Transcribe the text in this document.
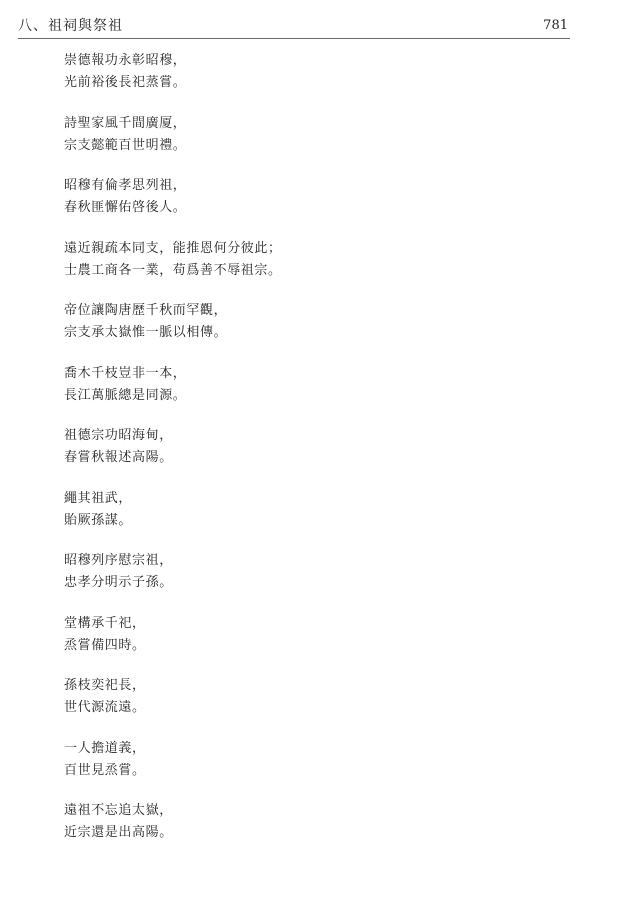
八、祖祠與祭祖	781
崇德報功永彰昭穆，
光前裕後長祀蒸嘗。
詩聖家風千間廣厦，
宗支懿範百世明禮。
昭穆有倫孝思列祖，
春秋匪懈佑啓後人。
遠近親疏本同支，能推恩何分彼此；
士農工商各一業，苟爲善不辱祖宗。
帝位讓陶唐歷千秋而罕觀，
宗支承太嶽惟一脈以相傳。
喬木千枝豈非一本，
長江萬脈總是同源。
祖德宗功昭海甸，
春嘗秋報述高陽。
繩其祖武，
貽厥孫謀。
昭穆列序慰宗祖，
忠孝分明示子孫。
堂構承千祀，
烝嘗備四時。
孫枝奕祀長，
世代源流遠。
一人擔道義，
百世見烝嘗。
遠祖不忘追太嶽，
近宗還是出高陽。
